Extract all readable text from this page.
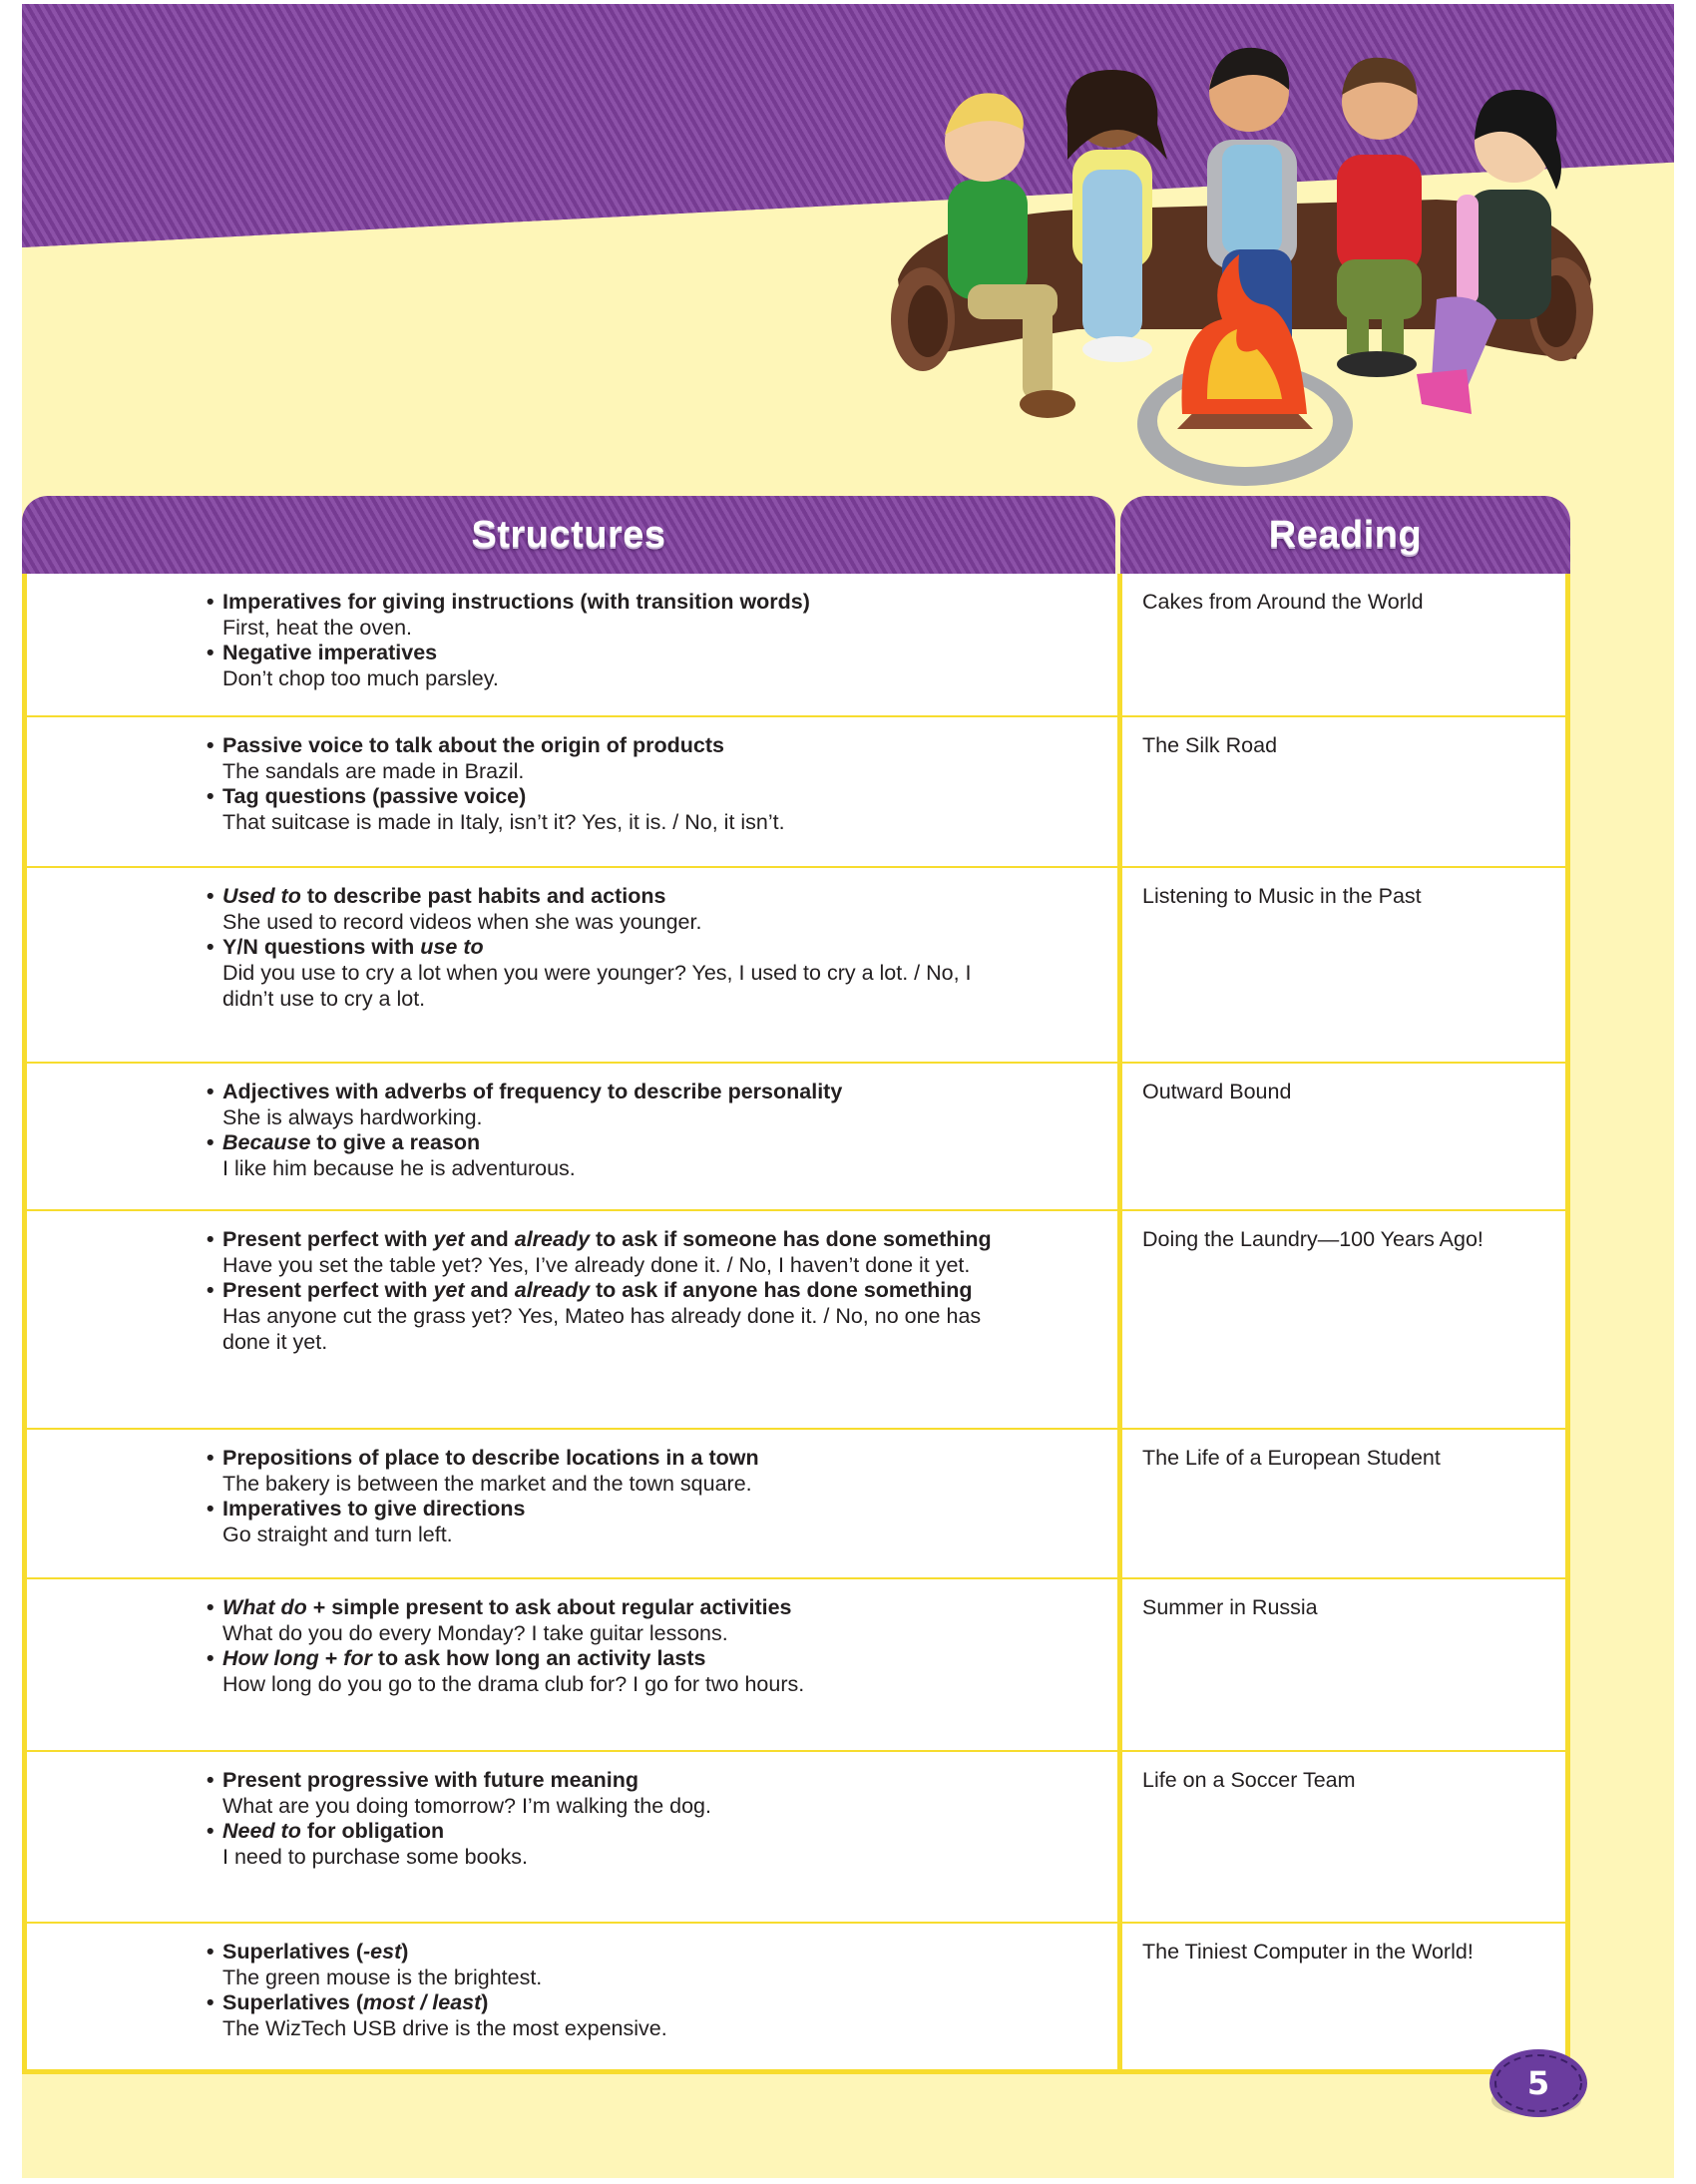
Structures	Reading
• Imperatives for giving instructions (with transition words)
First, heat the oven.
• Negative imperatives
Don’t chop too much parsley.
Cakes from Around the World
• Passive voice to talk about the origin of products
The sandals are made in Brazil.
• Tag questions (passive voice)
That suitcase is made in Italy, isn’t it? Yes, it is. / No, it isn’t.
The Silk Road
• Used to to describe past habits and actions
She used to record videos when she was younger.
• Y/N questions with use to
Did you use to cry a lot when you were younger? Yes, I used to cry a lot. / No, I
didn’t use to cry a lot.
Listening to Music in the Past
• Adjectives with adverbs of frequency to describe personality
She is always hardworking.
• Because to give a reason
I like him because he is adventurous.
Outward Bound
• Present perfect with yet and already to ask if someone has done something
Have you set the table yet? Yes, I’ve already done it. / No, I haven’t done it yet.
• Present perfect with yet and already to ask if anyone has done something
Has anyone cut the grass yet? Yes, Mateo has already done it. / No, no one has
done it yet.
Doing the Laundry—100 Years Ago!
• Prepositions of place to describe locations in a town
The bakery is between the market and the town square.
• Imperatives to give directions
Go straight and turn left.
The Life of a European Student
• What do + simple present to ask about regular activities
What do you do every Monday? I take guitar lessons.
• How long + for to ask how long an activity lasts
How long do you go to the drama club for? I go for two hours.
Summer in Russia
• Present progressive with future meaning
What are you doing tomorrow? I’m walking the dog.
• Need to for obligation
I need to purchase some books.
Life on a Soccer Team
• Superlatives (-est)
The green mouse is the brightest.
• Superlatives (most / least)
The WizTech USB drive is the most expensive.
The Tiniest Computer in the World!
5
